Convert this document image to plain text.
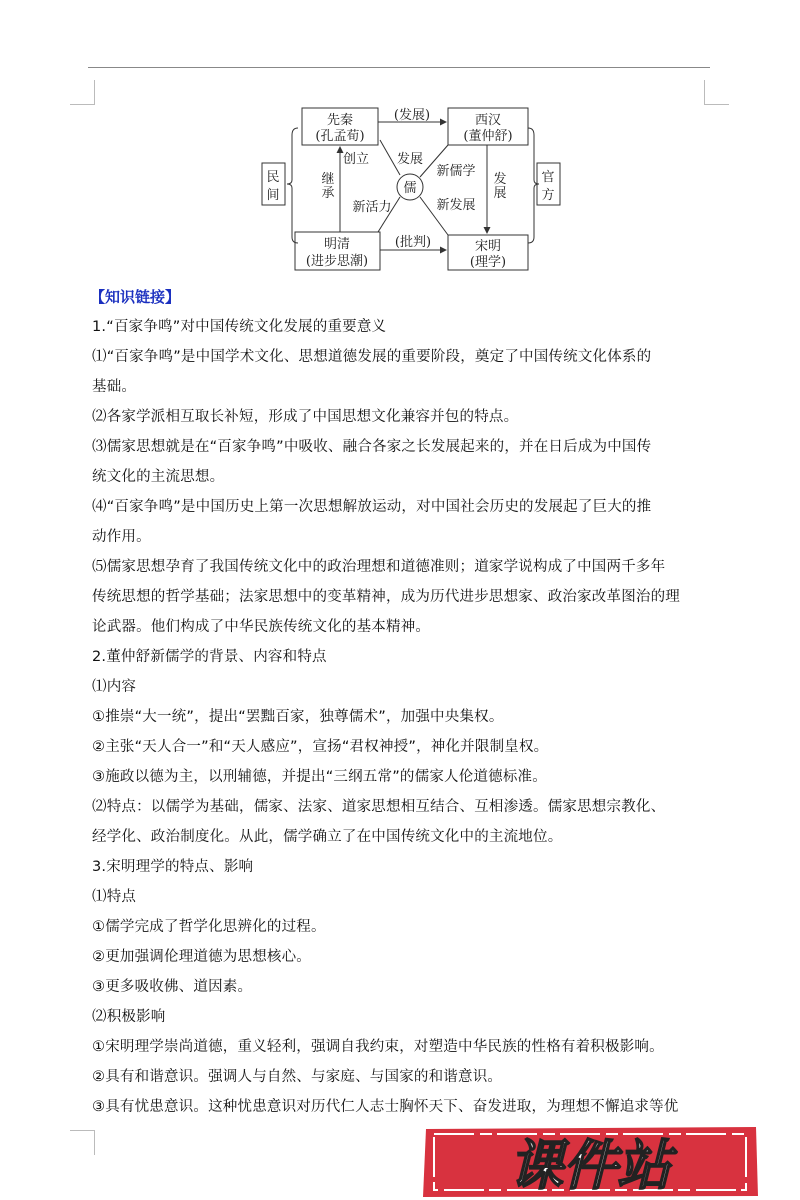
先秦
(孔孟荀)
西汉
(董仲舒)
明清
(进步思潮)
宋明
(理学)
民
间
官
方
儒
(发展)
(批判)
继
承
发
展
创立 发展
新儒学
新活力	新发展
【知识链接】
1.“百家争鸣”对中国传统文化发展的重要意义
⑴“百家争鸣”是中国学术文化、思想道德发展的重要阶段，奠定了中国传统文化体系的
基础。
⑵各家学派相互取长补短，形成了中国思想文化兼容并包的特点。
⑶儒家思想就是在“百家争鸣”中吸收、融合各家之长发展起来的，并在日后成为中国传
统文化的主流思想。
⑷“百家争鸣”是中国历史上第一次思想解放运动，对中国社会历史的发展起了巨大的推
动作用。
⑸儒家思想孕育了我国传统文化中的政治理想和道德准则；道家学说构成了中国两千多年
传统思想的哲学基础；法家思想中的变革精神，成为历代进步思想家、政治家改革图治的理
论武器。他们构成了中华民族传统文化的基本精神。
2.董仲舒新儒学的背景、内容和特点
⑴内容
①推崇“大一统”，提出“罢黜百家，独尊儒术”，加强中央集权。
②主张“天人合一”和“天人感应”，宣扬“君权神授”，神化并限制皇权。
③施政以德为主，以刑辅德，并提出“三纲五常”的儒家人伦道德标准。
⑵特点：以儒学为基础，儒家、法家、道家思想相互结合、互相渗透。儒家思想宗教化、
经学化、政治制度化。从此，儒学确立了在中国传统文化中的主流地位。
3.宋明理学的特点、影响
⑴特点
①儒学完成了哲学化思辨化的过程。
②更加强调伦理道德为思想核心。
③更多吸收佛、道因素。
⑵积极影响
①宋明理学崇尚道德，重义轻利，强调自我约束，对塑造中华民族的性格有着积极影响。
②具有和谐意识。强调人与自然、与家庭、与国家的和谐意识。
③具有忧患意识。这种忧患意识对历代仁人志士胸怀天下、奋发进取，为理想不懈追求等优
课件站
